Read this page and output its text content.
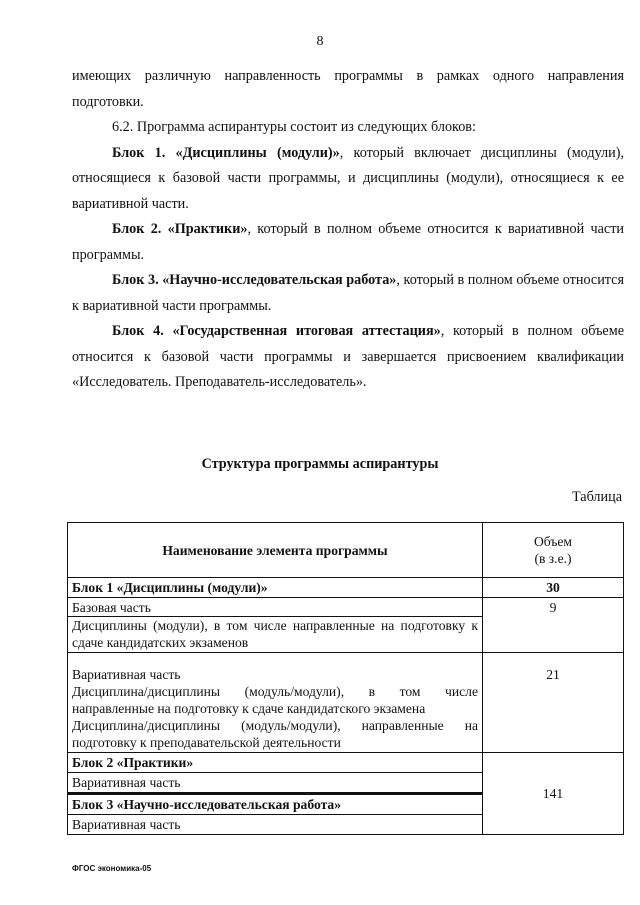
8

имеющих различную направленность программы в рамках одного направления
подготовки.

6.2. Программа аспирантуры состоит из следующих блоков:

Блок 1. «Дисциплины (модули)», который включает дисциплины (модули), относящиеся к базовой части программы, и дисциплины (модули), относящиеся к ее вариативной части.

Блок 2. «Практики», который в полном объеме относится к вариативной части программы.

Блок 3. «Научно-исследовательская работа», который в полном объеме относится к вариативной части программы.

Блок 4. «Государственная итоговая аттестация», который в полном объеме относится к базовой части программы и завершается присвоением квалификации «Исследователь. Преподаватель-исследователь».

Структура программы аспирантуры
Таблица
Наименование элемента программы	Объем
(в з.е.)

Блок 1 «Дисциплины (модули)»	30

Базовая часть
Дисциплины (модули), в том числе направленные на подготовку к сдаче кандидатских экзаменов	9

Вариативная часть
Дисциплина/дисциплины (модуль/модули), в том числе направленные на подготовку к сдаче кандидатского экзамена
Дисциплина/дисциплины (модуль/модули), направленные на подготовку к преподавательской деятельности	21
Блок 2 «Практики»	141
Вариативная часть	
Блок 3 «Научно-исследовательская работа»	
Вариативная часть	
ФГОС экономика-05
